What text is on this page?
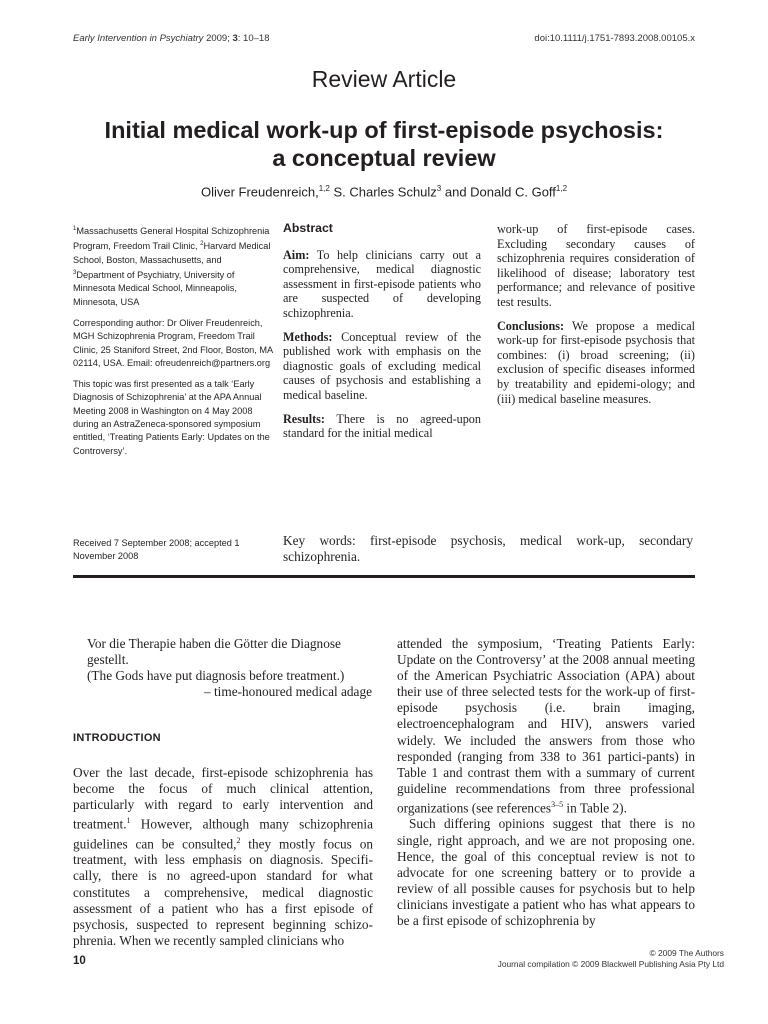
Early Intervention in Psychiatry 2009; 3: 10–18	doi:10.1111/j.1751-7893.2008.00105.x
Review Article
Initial medical work-up of first-episode psychosis:
a conceptual review
Oliver Freudenreich,$^{1,2}$ S. Charles Schulz$^3$ and Donald C. Goff$^{1,2}$

$^1$Massachusetts General Hospital Schizophrenia Program, Freedom Trail Clinic, $^2$Harvard Medical School, Boston, Massachusetts, and $^3$Department of Psychiatry, University of Minnesota Medical School, Minneapolis, Minnesota, USA

Corresponding author: Dr Oliver Freudenreich, MGH Schizophrenia Program, Freedom Trail Clinic, 25 Staniford Street, 2nd Floor, Boston, MA 02114, USA. Email: ofreudenreich@partners.org

This topic was first presented as a talk ‘Early Diagnosis of Schizophrenia’ at the APA Annual Meeting 2008 in Washington on 4 May 2008 during an AstraZeneca-sponsored symposium entitled, ‘Treating Patients Early: Updates on the Controversy’.

Received 7 September 2008; accepted 1 November 2008
Abstract

Aim: To help clinicians carry out a comprehensive, medical diagnostic assessment in first-episode patients who are suspected of developing schizophrenia.

Methods: Conceptual review of the published work with emphasis on the diagnostic goals of excluding medical causes of psychosis and establishing a medical baseline.

Results: There is no agreed-upon standard for the initial medical

work-up of first-episode cases. Excluding secondary causes of schizophrenia requires consideration of likelihood of disease; laboratory test performance; and relevance of positive test results.

Conclusions: We propose a medical work-up for first-episode psychosis that combines: (i) broad screening; (ii) exclusion of specific diseases informed by treatability and epidemi-ology; and (iii) medical baseline measures.

Key words: first-episode psychosis, medical work-up, secondary schizophrenia.
Vor die Therapie haben die Götter die Diagnose gestellt.
(The Gods have put diagnosis before treatment.)
– time-honoured medical adage
INTRODUCTION

Over the last decade, first-episode schizophrenia has become the focus of much clinical attention, particularly with regard to early intervention and treatment.$^1$ However, although many schizophrenia guidelines can be consulted,$^2$ they mostly focus on treatment, with less emphasis on diagnosis. Specifi-cally, there is no agreed-upon standard for what constitutes a comprehensive, medical diagnostic assessment of a patient who has a first episode of psychosis, suspected to represent beginning schizo-phrenia. When we recently sampled clinicians who

attended the symposium, ‘Treating Patients Early: Update on the Controversy’ at the 2008 annual meeting of the American Psychiatric Association (APA) about their use of three selected tests for the work-up of first-episode psychosis (i.e. brain imaging, electroencephalogram and HIV), answers varied widely. We included the answers from those who responded (ranging from 338 to 361 partici-pants) in Table 1 and contrast them with a summary of current guideline recommendations from three professional organizations (see references$^{3-5}$ in Table 2).

Such differing opinions suggest that there is no single, right approach, and we are not proposing one. Hence, the goal of this conceptual review is not to advocate for one screening battery or to provide a review of all possible causes for psychosis but to help clinicians investigate a patient who has what appears to be a first episode of schizophrenia by

10
© 2009 The Authors
Journal compilation © 2009 Blackwell Publishing Asia Pty Ltd
